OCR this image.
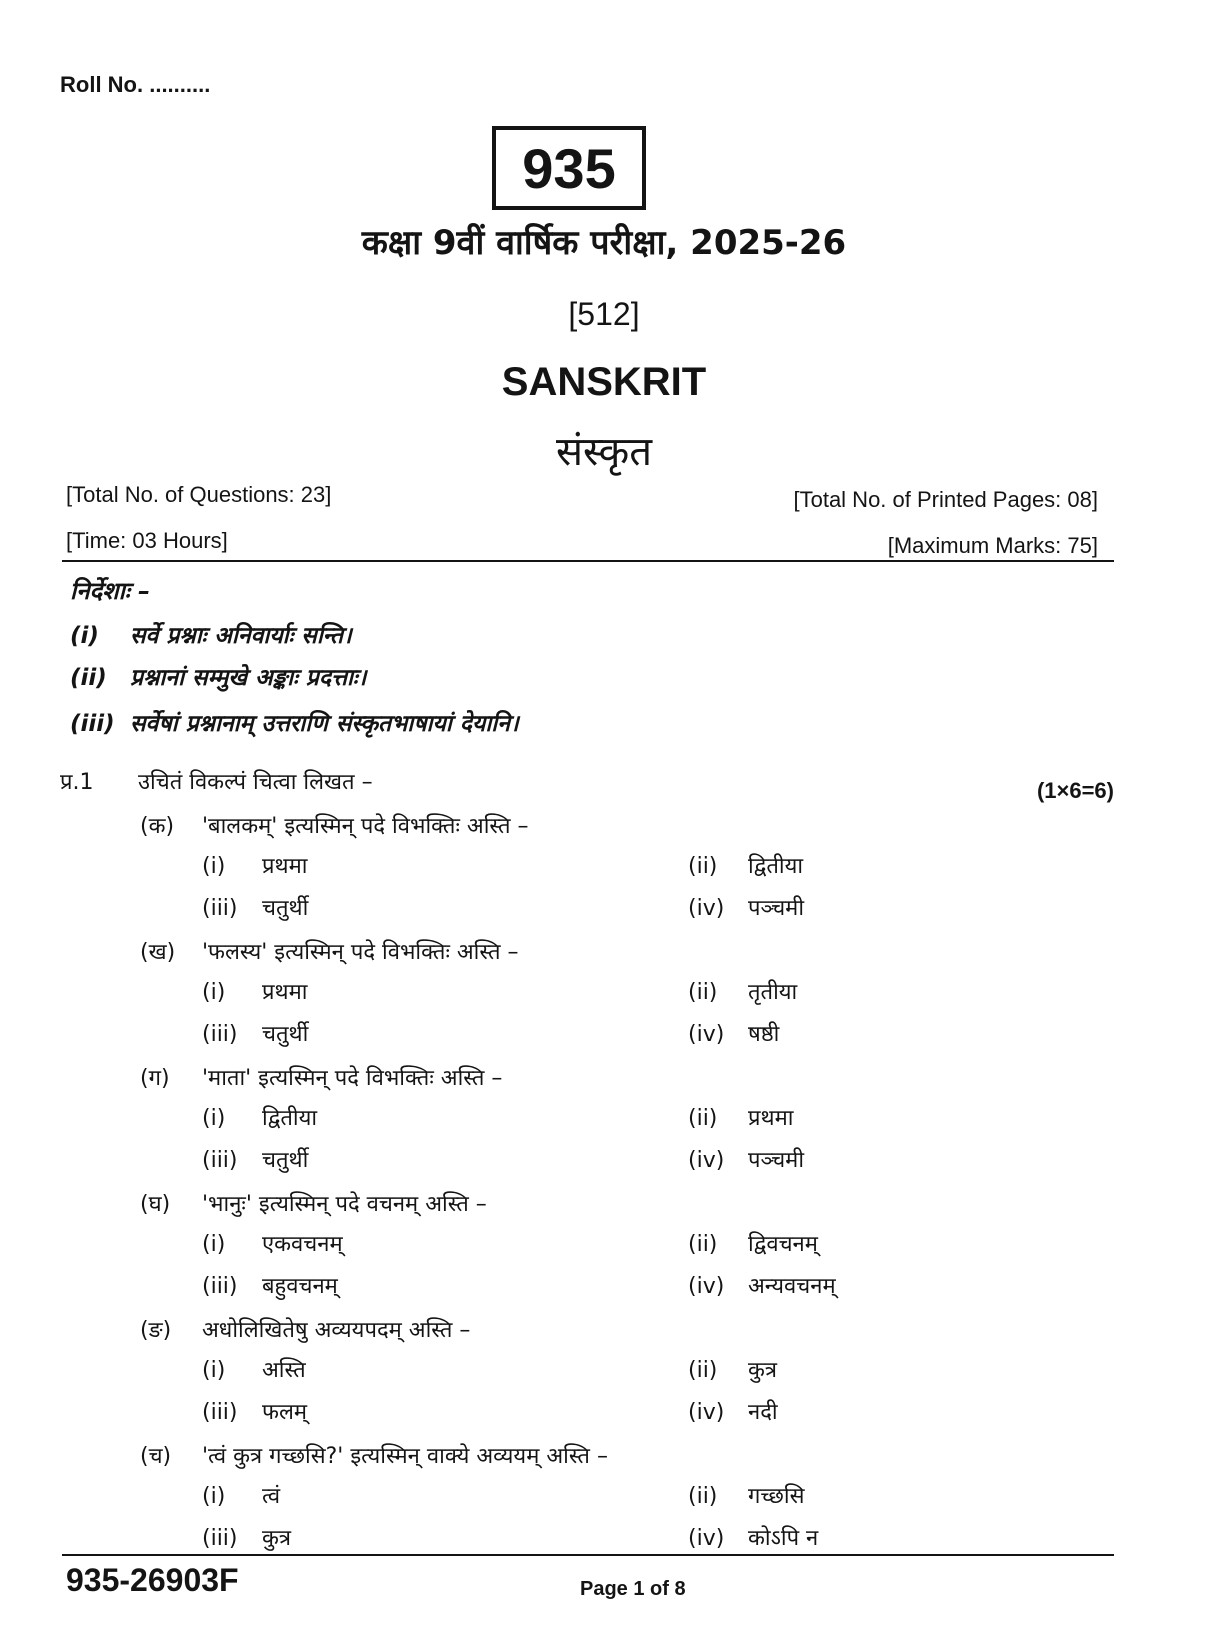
Roll No. ..........
935
कक्षा 9वीं वार्षिक परीक्षा, 2025-26
[512]
SANSKRIT
संस्कृत
[Total No. of Questions: 23]	[Total No. of Printed Pages: 08]
[Time: 03 Hours]	[Maximum Marks: 75]
निर्देशाः –
(i) सर्वे प्रश्नाः अनिवार्याः सन्ति।
(ii) प्रश्नानां सम्मुखे अङ्काः प्रदत्ताः।
(iii) सर्वेषां प्रश्नानाम् उत्तराणि संस्कृतभाषायां देयानि।
प्र.1 उचितं विकल्पं चित्वा लिखत –	(1×6=6)
(क) 'बालकम्' इत्यस्मिन् पदे विभक्तिः अस्ति –
(i) प्रथमा	(ii) द्वितीया
(iii) चतुर्थी	(iv) पञ्चमी
(ख) 'फलस्य' इत्यस्मिन् पदे विभक्तिः अस्ति –
(i) प्रथमा	(ii) तृतीया
(iii) चतुर्थी	(iv) षष्ठी
(ग) 'माता' इत्यस्मिन् पदे विभक्तिः अस्ति –
(i) द्वितीया	(ii) प्रथमा
(iii) चतुर्थी	(iv) पञ्चमी
(घ) 'भानुः' इत्यस्मिन् पदे वचनम् अस्ति –
(i) एकवचनम्	(ii) द्विवचनम्
(iii) बहुवचनम्	(iv) अन्यवचनम्
(ङ) अधोलिखितेषु अव्ययपदम् अस्ति –
(i) अस्ति	(ii) कुत्र
(iii) फलम्	(iv) नदी
(च) 'त्वं कुत्र गच्छसि?' इत्यस्मिन् वाक्ये अव्ययम् अस्ति –
(i) त्वं	(ii) गच्छसि
(iii) कुत्र	(iv) कोऽपि न
935-26903F	Page 1 of 8
